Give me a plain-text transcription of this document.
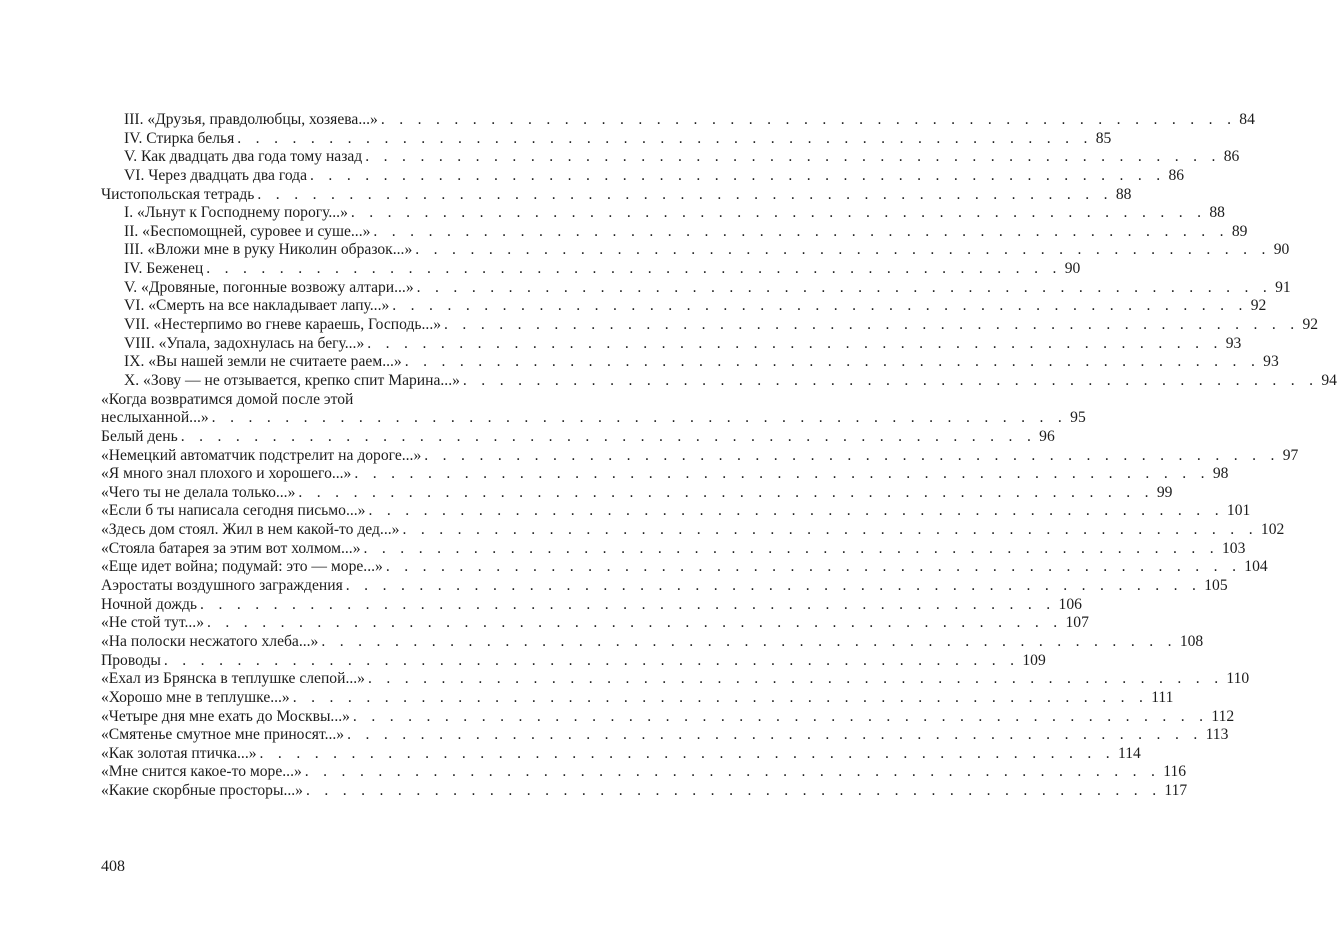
III. «Друзья, правдолюбцы, хозяева...» . . . . . . . . . . . . . . . . . . . . . . . . . . . . . . . . . . . . . . . . . . . . . . . 84
IV. Стирка белья . . . . . . . . . . . . . . . . . . . . . . . . . . . . . . . . . . . . . . . . . . . . . . . 85
V. Как двадцать два года тому назад . . . . . . . . . . . . . . . . . . . . . . . . . . . . . . . . . . . . . . . . . . . . . . . 86
VI. Через двадцать два года . . . . . . . . . . . . . . . . . . . . . . . . . . . . . . . . . . . . . . . . . . . . . . . 86
Чистопольская тетрадь . . . . . . . . . . . . . . . . . . . . . . . . . . . . . . . . . . . . . . . . . . . . . . . 88
I. «Льнут к Господнему порогу...» . . . . . . . . . . . . . . . . . . . . . . . . . . . . . . . . . . . . . . . . . . . . . . . 88
II. «Беспомощней, суровее и суше...» . . . . . . . . . . . . . . . . . . . . . . . . . . . . . . . . . . . . . . . . . . . . . . . 89
III. «Вложи мне в руку Николин образок...» . . . . . . . . . . . . . . . . . . . . . . . . . . . . . . . . . . . . . . . . . . . . . . . 90
IV. Беженец . . . . . . . . . . . . . . . . . . . . . . . . . . . . . . . . . . . . . . . . . . . . . . . 90
V. «Дровяные, погонные возвожу алтари...» . . . . . . . . . . . . . . . . . . . . . . . . . . . . . . . . . . . . . . . . . . . . . . . 91
VI. «Смерть на все накладывает лапу...» . . . . . . . . . . . . . . . . . . . . . . . . . . . . . . . . . . . . . . . . . . . . . . . 92
VII. «Нестерпимо во гневе караешь, Господь...» . . . . . . . . . . . . . . . . . . . . . . . . . . . . . . . . . . . . . . . . . . . . . . . 92
VIII. «Упала, задохнулась на бегу...» . . . . . . . . . . . . . . . . . . . . . . . . . . . . . . . . . . . . . . . . . . . . . . . 93
IX. «Вы нашей земли не считаете раем...» . . . . . . . . . . . . . . . . . . . . . . . . . . . . . . . . . . . . . . . . . . . . . . . 93
X. «Зову — не отзывается, крепко спит Марина...» . . . . . . . . . . . . . . . . . . . . . . . . . . . . . . . . . . . . . . . . . . . . . . . 94
«Когда возвратимся домой после этой
неслыханной...» . . . . . . . . . . . . . . . . . . . . . . . . . . . . . . . . . . . . . . . . . . . . . . . 95
Белый день . . . . . . . . . . . . . . . . . . . . . . . . . . . . . . . . . . . . . . . . . . . . . . . 96
«Немецкий автоматчик подстрелит на дороге...» . . . . . . . . . . . . . . . . . . . . . . . . . . . . . . . . . . . . . . . . . . . . . . . 97
«Я много знал плохого и хорошего...» . . . . . . . . . . . . . . . . . . . . . . . . . . . . . . . . . . . . . . . . . . . . . . . 98
«Чего ты не делала только...» . . . . . . . . . . . . . . . . . . . . . . . . . . . . . . . . . . . . . . . . . . . . . . . 99
«Если б ты написала сегодня письмо...» . . . . . . . . . . . . . . . . . . . . . . . . . . . . . . . . . . . . . . . . . . . . . . . 101
«Здесь дом стоял. Жил в нем какой-то дед...» . . . . . . . . . . . . . . . . . . . . . . . . . . . . . . . . . . . . . . . . . . . . . . . 102
«Стояла батарея за этим вот холмом...» . . . . . . . . . . . . . . . . . . . . . . . . . . . . . . . . . . . . . . . . . . . . . . . 103
«Еще идет война; подумай: это — море...» . . . . . . . . . . . . . . . . . . . . . . . . . . . . . . . . . . . . . . . . . . . . . . . 104
Аэростаты воздушного заграждения . . . . . . . . . . . . . . . . . . . . . . . . . . . . . . . . . . . . . . . . . . . . . . . 105
Ночной дождь . . . . . . . . . . . . . . . . . . . . . . . . . . . . . . . . . . . . . . . . . . . . . . . 106
«Не стой тут...» . . . . . . . . . . . . . . . . . . . . . . . . . . . . . . . . . . . . . . . . . . . . . . . 107
«На полоски несжатого хлеба...» . . . . . . . . . . . . . . . . . . . . . . . . . . . . . . . . . . . . . . . . . . . . . . . 108
Проводы . . . . . . . . . . . . . . . . . . . . . . . . . . . . . . . . . . . . . . . . . . . . . . . 109
«Ехал из Брянска в теплушке слепой...» . . . . . . . . . . . . . . . . . . . . . . . . . . . . . . . . . . . . . . . . . . . . . . . 110
«Хорошо мне в теплушке...» . . . . . . . . . . . . . . . . . . . . . . . . . . . . . . . . . . . . . . . . . . . . . . . 111
«Четыре дня мне ехать до Москвы...» . . . . . . . . . . . . . . . . . . . . . . . . . . . . . . . . . . . . . . . . . . . . . . . 112
«Смятенье смутное мне приносят...» . . . . . . . . . . . . . . . . . . . . . . . . . . . . . . . . . . . . . . . . . . . . . . . 113
«Как золотая птичка...» . . . . . . . . . . . . . . . . . . . . . . . . . . . . . . . . . . . . . . . . . . . . . . . 114
«Мне снится какое-то море...» . . . . . . . . . . . . . . . . . . . . . . . . . . . . . . . . . . . . . . . . . . . . . . . 116
«Какие скорбные просторы...» . . . . . . . . . . . . . . . . . . . . . . . . . . . . . . . . . . . . . . . . . . . . . . . 117
408
